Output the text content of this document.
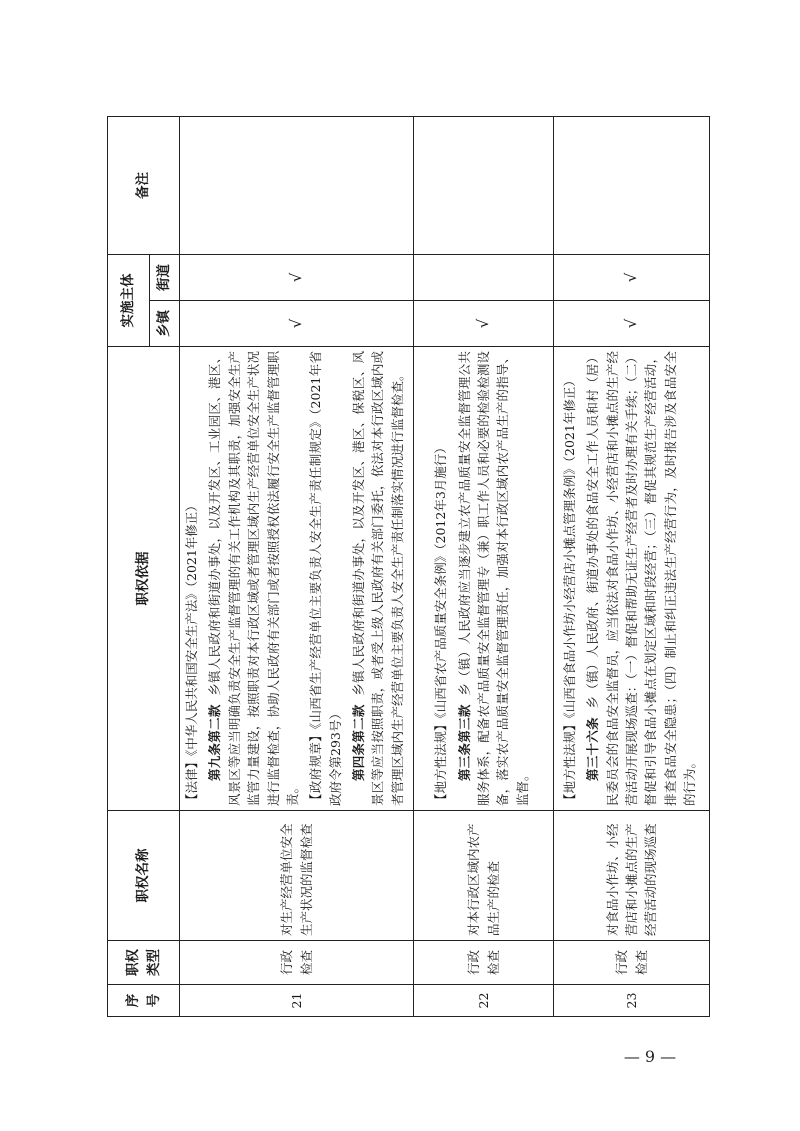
序号	职权类型	职权名称	职权依据	实施主体		备注
				乡镇	街道	
21	行政检查	对生产经营单位安全生产状况的监督检查	【法律】《中华人民共和国安全生产法》（2021年修正） 第九条第二款  乡镇人民政府和街道办事处，以及开发区、工业园区、港区、风景区等应当明确负责安全生产监督管理的有关工作机构及其职责，加强安全生产监管力量建设，按照职责对本行政区域或者管理区域内生产经营单位安全生产状况进行监督检查，协助人民政府有关部门或者按照授权依法履行安全生产监督管理职责。 【政府规章】《山西省生产经营单位主要负责人安全生产责任制规定》（2021年省政府令第293号） 第四条第二款  乡镇人民政府和街道办事处，以及开发区、港区、保税区、风景区等应当按照职责，或者受上级人民政府有关部门委托，依法对本行政区域内或者管理区域内生产经营单位主要负责人安全生产责任制落实情况进行监督检查。	√	√	
22	行政检查	对本行政区域内农产品生产的检查	【地方性法规】《山西省农产品质量安全条例》（2012年3月施行） 第三条第三款  乡（镇）人民政府应当逐步建立农产品质量安全监督管理公共服务体系，配备农产品质量安全监督管理专（兼）职工作人员和必要的检验检测设备，落实农产品质量安全监督管理责任，加强对本行政区域内农产品生产的指导、监督。	√		
23	行政检查	对食品小作坊、小经营店和小摊点的生产经营活动的现场巡查	【地方性法规】《山西省食品小作坊小经营店小摊点管理条例》（2021年修正） 第三十六条  乡（镇）人民政府、街道办事处的食品安全工作人员和村（居）民委员会的食品安全监督员，应当依法对食品小作坊、小经营店和小摊点的生产经营活动开展现场巡查：（一）督促和帮助无证生产经营者及时办理有关手续；（二）督促和引导食品小摊点在划定区域和时段经营；（三）督促其规范生产经营活动，排查食品安全隐患；（四）制止和纠正违法生产经营行为，及时报告涉及食品安全的行为。	√	√	
— 9 —
